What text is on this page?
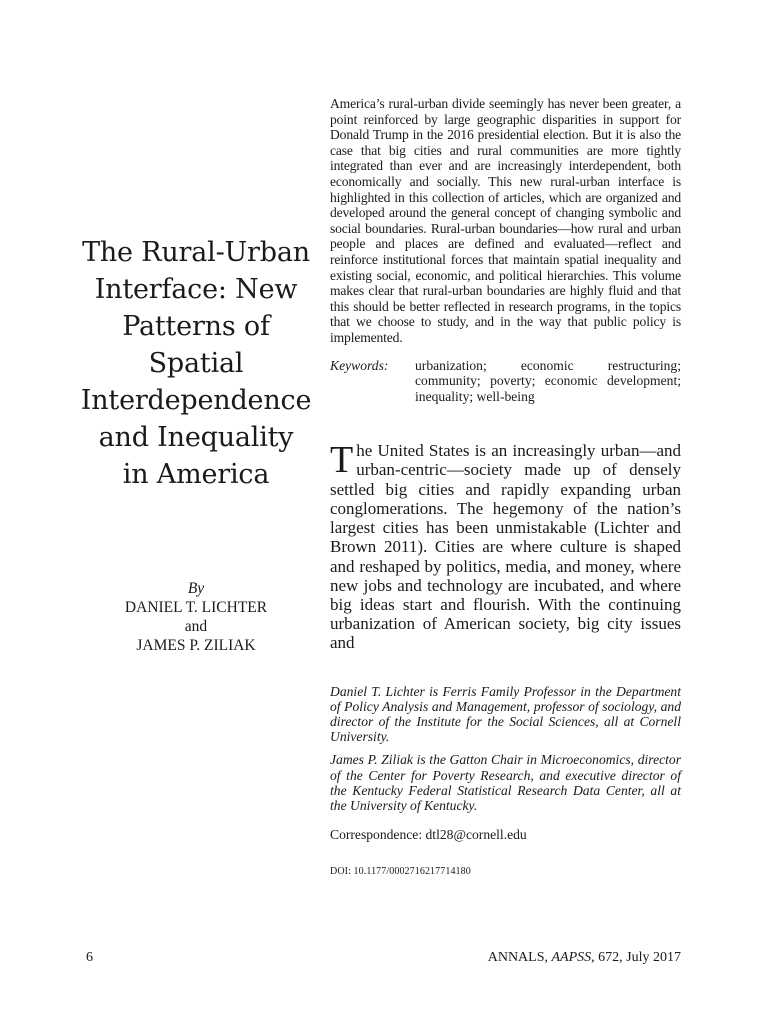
The Rural-Urban
Interface: New
Patterns of
Spatial
Interdependence
and Inequality
in America
By
DANIEL T. LICHTER
and
JAMES P. ZILIAK

America’s rural-urban divide seemingly has never been greater, a point reinforced by large geographic disparities in support for Donald Trump in the 2016 presidential election. But it is also the case that big cities and rural communities are more tightly integrated than ever and are increasingly interdependent, both economically and socially. This new rural-urban interface is highlighted in this collection of articles, which are organized and developed around the general concept of changing symbolic and social boundaries. Rural-urban boundaries—how rural and urban people and places are defined and evaluated—reflect and reinforce institutional forces that maintain spatial inequality and existing social, economic, and political hierarchies. This volume makes clear that rural-urban boundaries are highly fluid and that this should be better reflected in research programs, in the topics that we choose to study, and in the way that public policy is implemented.

Keywords:	urbanization; economic restructuring; community; poverty; economic development; inequality; well-being
T he United States is an increasingly urban—and urban-centric—society made up of densely settled big cities and rapidly expanding urban conglomerations. The hegemony of the nation’s largest cities has been unmistakable (Lichter and Brown 2011). Cities are where culture is shaped and reshaped by politics, media, and money, where new jobs and technology are incubated, and where big ideas start and flourish. With the continuing urbanization of American society, big city issues and

Daniel T. Lichter is Ferris Family Professor in the Department of Policy Analysis and Management, professor of sociology, and director of the Institute for the Social Sciences, all at Cornell University.

James P. Ziliak is the Gatton Chair in Microeconomics, director of the Center for Poverty Research, and executive director of the Kentucky Federal Statistical Research Data Center, all at the University of Kentucky.

Correspondence: dtl28@cornell.edu
DOI: 10.1177/0002716217714180
6	ANNALS, AAPSS, 672, July 2017
